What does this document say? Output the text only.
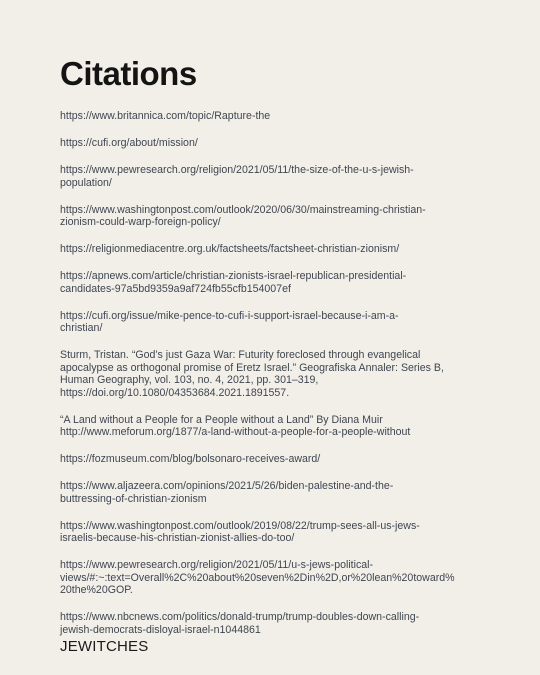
Citations
https://www.britannica.com/topic/Rapture-the
https://cufi.org/about/mission/
https://www.pewresearch.org/religion/2021/05/11/the-size-of-the-u-s-jewish-
population/
https://www.washingtonpost.com/outlook/2020/06/30/mainstreaming-christian-
zionism-could-warp-foreign-policy/
https://religionmediacentre.org.uk/factsheets/factsheet-christian-zionism/
https://apnews.com/article/christian-zionists-israel-republican-presidential-
candidates-97a5bd9359a9af724fb55cfb154007ef
https://cufi.org/issue/mike-pence-to-cufi-i-support-israel-because-i-am-a-
christian/
Sturm, Tristan. “God’s just Gaza War: Futurity foreclosed through evangelical
apocalypse as orthogonal promise of Eretz Israel.” Geografiska Annaler: Series B,
Human Geography, vol. 103, no. 4, 2021, pp. 301–319,
https://doi.org/10.1080/04353684.2021.1891557.
“A Land without a People for a People without a Land” By Diana Muir
http://www.meforum.org/1877/a-land-without-a-people-for-a-people-without
https://fozmuseum.com/blog/bolsonaro-receives-award/
https://www.aljazeera.com/opinions/2021/5/26/biden-palestine-and-the-
buttressing-of-christian-zionism
https://www.washingtonpost.com/outlook/2019/08/22/trump-sees-all-us-jews-
israelis-because-his-christian-zionist-allies-do-too/
https://www.pewresearch.org/religion/2021/05/11/u-s-jews-political-
views/#:~:text=Overall%2C%20about%20seven%2Din%2D,or%20lean%20toward%
20the%20GOP.
https://www.nbcnews.com/politics/donald-trump/trump-doubles-down-calling-
jewish-democrats-disloyal-israel-n1044861
JEWITCHES
